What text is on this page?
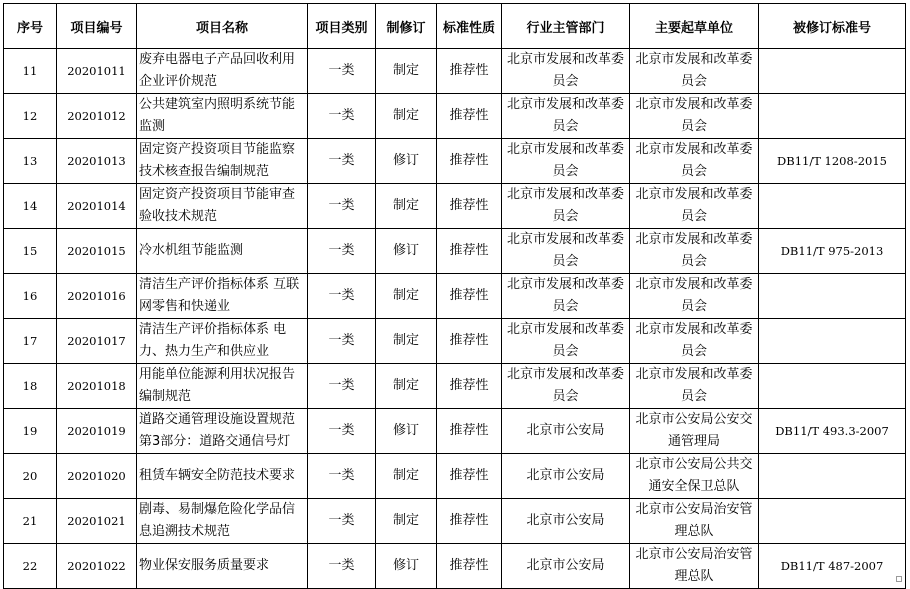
序号	项目编号	项目名称	项目类别	制修订	标准性质	行业主管部门	主要起草单位	被修订标准号
11	20201011	废弃电器电子产品回收利用企业评价规范	一类	制定	推荐性	北京市发展和改革委员会	北京市发展和改革委员会	
12	20201012	公共建筑室内照明系统节能监测	一类	制定	推荐性	北京市发展和改革委员会	北京市发展和改革委员会	
13	20201013	固定资产投资项目节能监察技术核查报告编制规范	一类	修订	推荐性	北京市发展和改革委员会	北京市发展和改革委员会	DB11/T 1208-2015
14	20201014	固定资产投资项目节能审查验收技术规范	一类	制定	推荐性	北京市发展和改革委员会	北京市发展和改革委员会	
15	20201015	冷水机组节能监测	一类	修订	推荐性	北京市发展和改革委员会	北京市发展和改革委员会	DB11/T 975-2013
16	20201016	清洁生产评价指标体系 互联网零售和快递业	一类	制定	推荐性	北京市发展和改革委员会	北京市发展和改革委员会	
17	20201017	清洁生产评价指标体系 电力、热力生产和供应业	一类	制定	推荐性	北京市发展和改革委员会	北京市发展和改革委员会	
18	20201018	用能单位能源利用状况报告编制规范	一类	制定	推荐性	北京市发展和改革委员会	北京市发展和改革委员会	
19	20201019	道路交通管理设施设置规范 第3部分：道路交通信号灯	一类	修订	推荐性	北京市公安局	北京市公安局公安交通管理局	DB11/T 493.3-2007
20	20201020	租赁车辆安全防范技术要求	一类	制定	推荐性	北京市公安局	北京市公安局公共交通安全保卫总队	
21	20201021	剧毒、易制爆危险化学品信息追溯技术规范	一类	制定	推荐性	北京市公安局	北京市公安局治安管理总队	
22	20201022	物业保安服务质量要求	一类	修订	推荐性	北京市公安局	北京市公安局治安管理总队	DB11/T 487-2007
